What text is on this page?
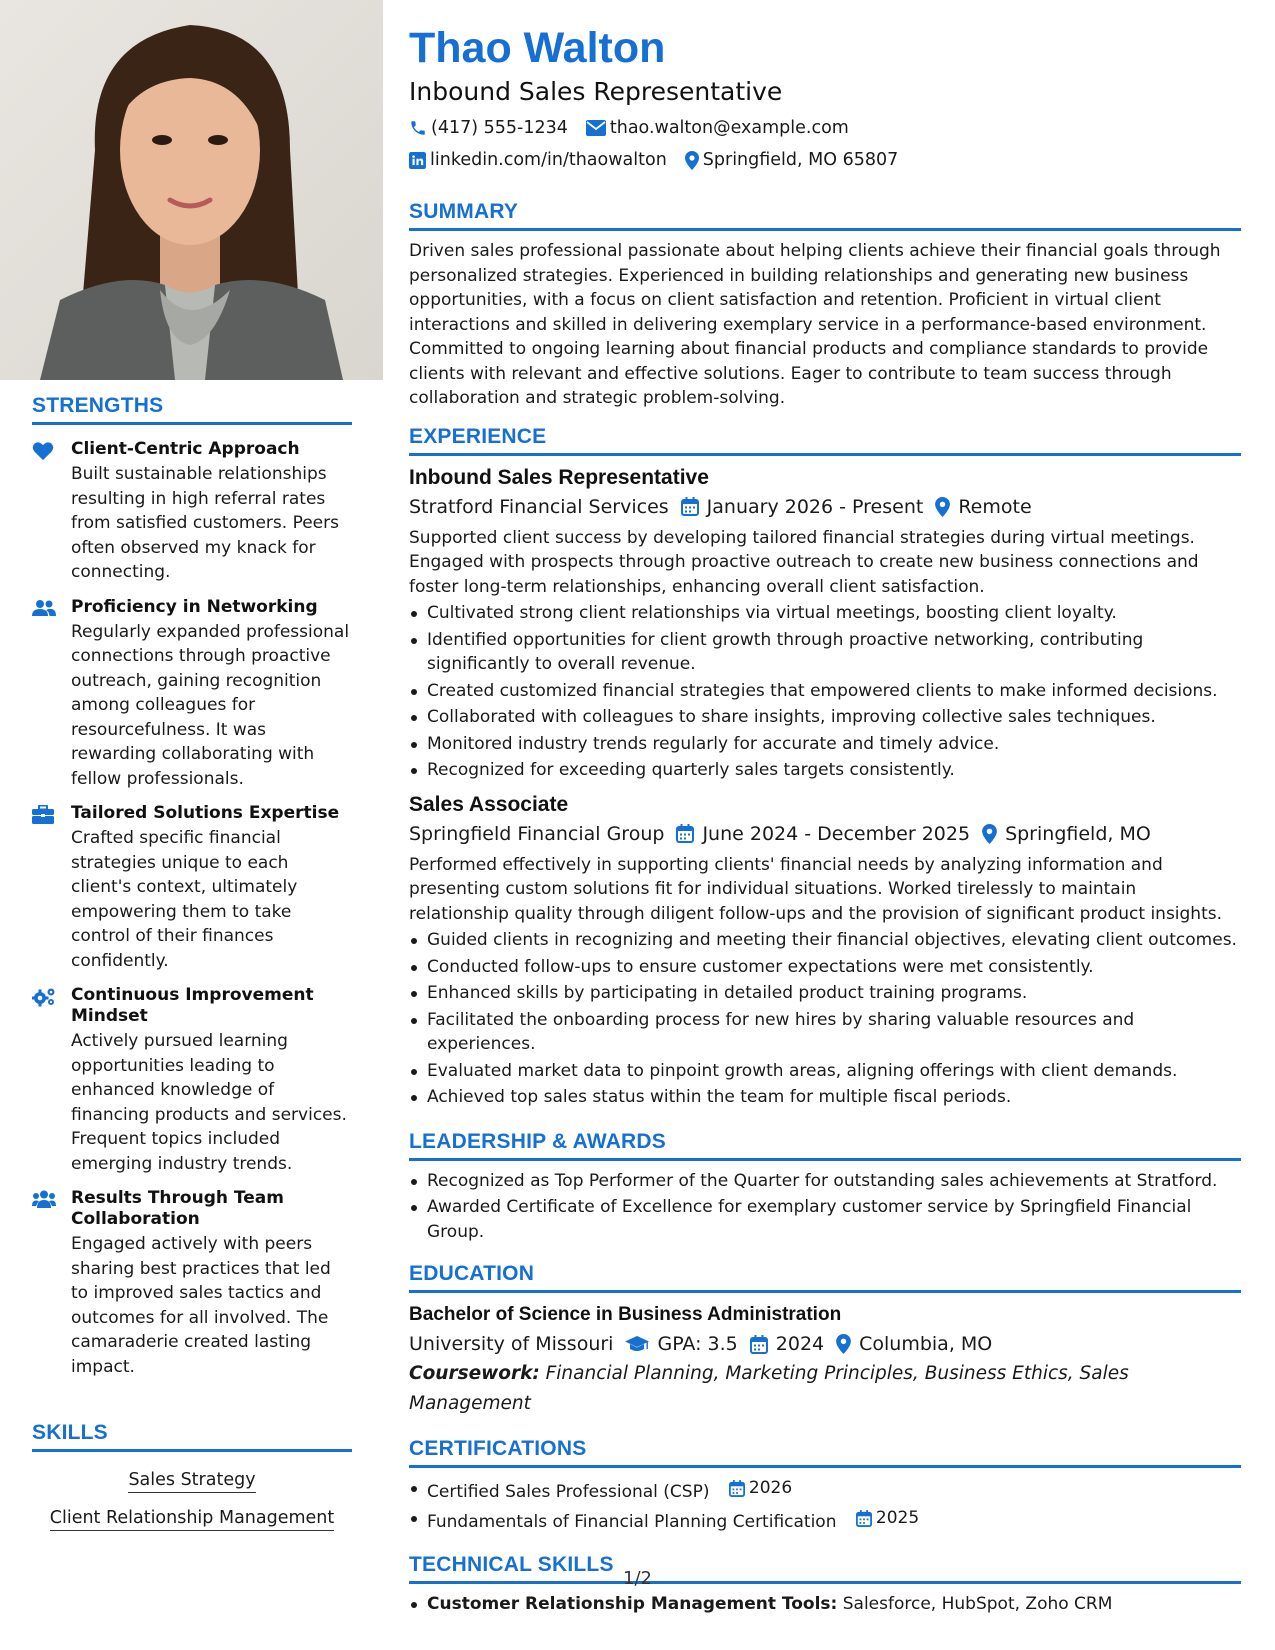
STRENGTHS
Client-Centric Approach
Built sustainable relationships resulting in high referral rates from satisfied customers. Peers often observed my knack for connecting.
Proficiency in Networking
Regularly expanded professional connections through proactive outreach, gaining recognition among colleagues for resourcefulness. It was rewarding collaborating with fellow professionals.
Tailored Solutions Expertise
Crafted specific financial strategies unique to each client's context, ultimately empowering them to take control of their finances confidently.
Continuous Improvement Mindset
Actively pursued learning opportunities leading to enhanced knowledge of financing products and services. Frequent topics included emerging industry trends.
Results Through Team Collaboration
Engaged actively with peers sharing best practices that led to improved sales tactics and outcomes for all involved. The camaraderie created lasting impact.
SKILLS
Sales Strategy
Client Relationship Management
Thao Walton
Inbound Sales Representative
(417) 555-1234 thao.walton@example.com
linkedin.com/in/thaowalton Springfield, MO 65807
SUMMARY
Driven sales professional passionate about helping clients achieve their financial goals through personalized strategies. Experienced in building relationships and generating new business opportunities, with a focus on client satisfaction and retention. Proficient in virtual client interactions and skilled in delivering exemplary service in a performance-based environment. Committed to ongoing learning about financial products and compliance standards to provide clients with relevant and effective solutions. Eager to contribute to team success through collaboration and strategic problem-solving.
EXPERIENCE
Inbound Sales Representative
Stratford Financial Services January 2026 - Present Remote
Supported client success by developing tailored financial strategies during virtual meetings. Engaged with prospects through proactive outreach to create new business connections and foster long-term relationships, enhancing overall client satisfaction.
Cultivated strong client relationships via virtual meetings, boosting client loyalty.
Identified opportunities for client growth through proactive networking, contributing significantly to overall revenue.
Created customized financial strategies that empowered clients to make informed decisions.
Collaborated with colleagues to share insights, improving collective sales techniques.
Monitored industry trends regularly for accurate and timely advice.
Recognized for exceeding quarterly sales targets consistently.
Sales Associate
Springfield Financial Group June 2024 - December 2025 Springfield, MO
Performed effectively in supporting clients' financial needs by analyzing information and presenting custom solutions fit for individual situations. Worked tirelessly to maintain relationship quality through diligent follow-ups and the provision of significant product insights.
Guided clients in recognizing and meeting their financial objectives, elevating client outcomes.
Conducted follow-ups to ensure customer expectations were met consistently.
Enhanced skills by participating in detailed product training programs.
Facilitated the onboarding process for new hires by sharing valuable resources and experiences.
Evaluated market data to pinpoint growth areas, aligning offerings with client demands.
Achieved top sales status within the team for multiple fiscal periods.
LEADERSHIP & AWARDS
Recognized as Top Performer of the Quarter for outstanding sales achievements at Stratford.
Awarded Certificate of Excellence for exemplary customer service by Springfield Financial Group.
EDUCATION
Bachelor of Science in Business Administration
University of Missouri GPA: 3.5 2024 Columbia, MO
Coursework: Financial Planning, Marketing Principles, Business Ethics, Sales Management
CERTIFICATIONS
Certified Sales Professional (CSP) 2026
Fundamentals of Financial Planning Certification 2025
TECHNICAL SKILLS
Customer Relationship Management Tools: Salesforce, HubSpot, Zoho CRM
1/2
